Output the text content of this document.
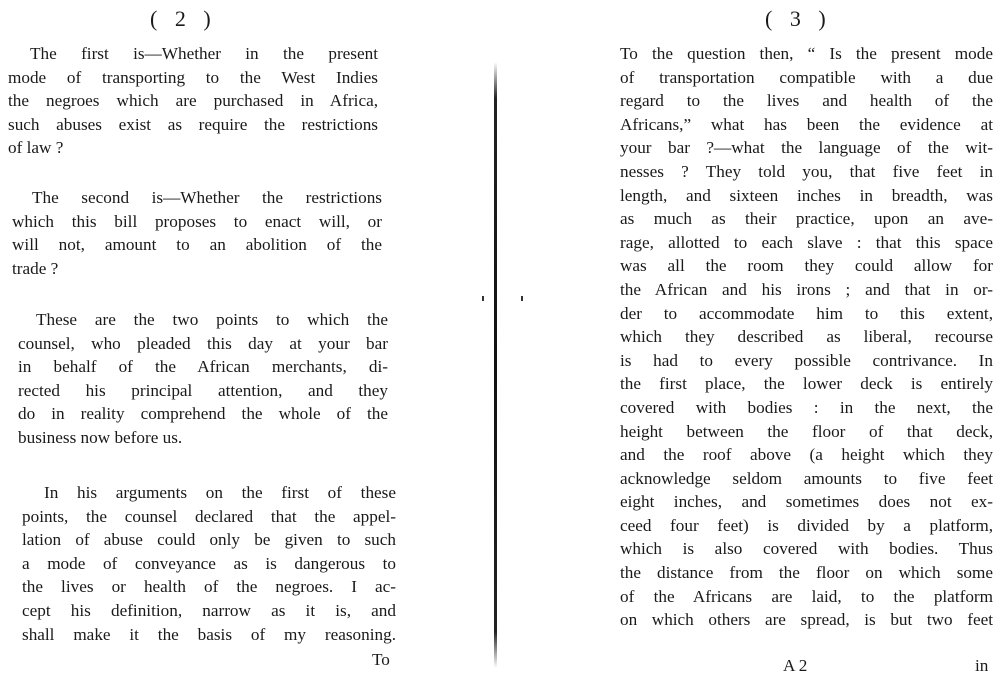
( 2 )
The first is—Whether in the present
mode of transporting to the West Indies
the negroes which are purchased in Africa,
such abuses exist as require the restrictions
of law ?
The second is—Whether the restrictions
which this bill proposes to enact will, or
will not, amount to an abolition of the
trade ?
These are the two points to which the
counsel, who pleaded this day at your bar
in behalf of the African merchants, di-
rected his principal attention, and they
do in reality comprehend the whole of the
business now before us.
In his arguments on the first of these
points, the counsel declared that the appel-
lation of abuse could only be given to such
a mode of conveyance as is dangerous to
the lives or health of the negroes. I ac-
cept his definition, narrow as it is, and
shall make it the basis of my reasoning.
To
( 3 )
To the question then, “ Is the present mode
of transportation compatible with a due
regard to the lives and health of the
Africans,” what has been the evidence at
your bar ?—what the language of the wit-
nesses ? They told you, that five feet in
length, and sixteen inches in breadth, was
as much as their practice, upon an ave-
rage, allotted to each slave : that this space
was all the room they could allow for
the African and his irons ; and that in or-
der to accommodate him to this extent,
which they described as liberal, recourse
is had to every possible contrivance. In
the first place, the lower deck is entirely
covered with bodies : in the next, the
height between the floor of that deck,
and the roof above (a height which they
acknowledge seldom amounts to five feet
eight inches, and sometimes does not ex-
ceed four feet) is divided by a platform,
which is also covered with bodies. Thus
the distance from the floor on which some
of the Africans are laid, to the platform
on which others are spread, is but two feet
A 2	in
